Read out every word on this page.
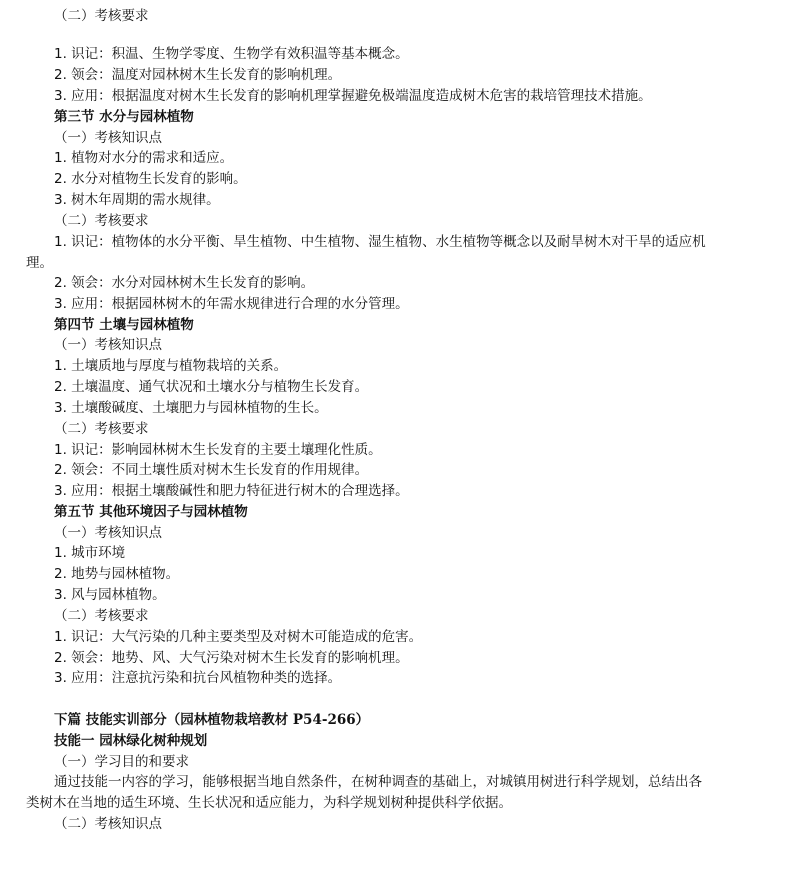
（二）考核要求
1. 识记：积温、生物学零度、生物学有效积温等基本概念。
2. 领会：温度对园林树木生长发育的影响机理。
3. 应用：根据温度对树木生长发育的影响机理掌握避免极端温度造成树木危害的栽培管理技术措施。
第三节 水分与园林植物
（一）考核知识点
1. 植物对水分的需求和适应。
2. 水分对植物生长发育的影响。
3. 树木年周期的需水规律。
（二）考核要求
1. 识记：植物体的水分平衡、旱生植物、中生植物、湿生植物、水生植物等概念以及耐旱树木对干旱的适应机
理。
2. 领会：水分对园林树木生长发育的影响。
3. 应用：根据园林树木的年需水规律进行合理的水分管理。
第四节 土壤与园林植物
（一）考核知识点
1. 土壤质地与厚度与植物栽培的关系。
2. 土壤温度、通气状况和土壤水分与植物生长发育。
3. 土壤酸碱度、土壤肥力与园林植物的生长。
（二）考核要求
1. 识记：影响园林树木生长发育的主要土壤理化性质。
2. 领会：不同土壤性质对树木生长发育的作用规律。
3. 应用：根据土壤酸碱性和肥力特征进行树木的合理选择。
第五节 其他环境因子与园林植物
（一）考核知识点
1. 城市环境
2. 地势与园林植物。
3. 风与园林植物。
（二）考核要求
1. 识记：大气污染的几种主要类型及对树木可能造成的危害。
2. 领会：地势、风、大气污染对树木生长发育的影响机理。
3. 应用：注意抗污染和抗台风植物种类的选择。
下篇 技能实训部分（园林植物栽培教材 P54-266）
技能一 园林绿化树种规划
（一）学习目的和要求
通过技能一内容的学习，能够根据当地自然条件，在树种调查的基础上，对城镇用树进行科学规划，总结出各
类树木在当地的适生环境、生长状况和适应能力，为科学规划树种提供科学依据。
（二）考核知识点
